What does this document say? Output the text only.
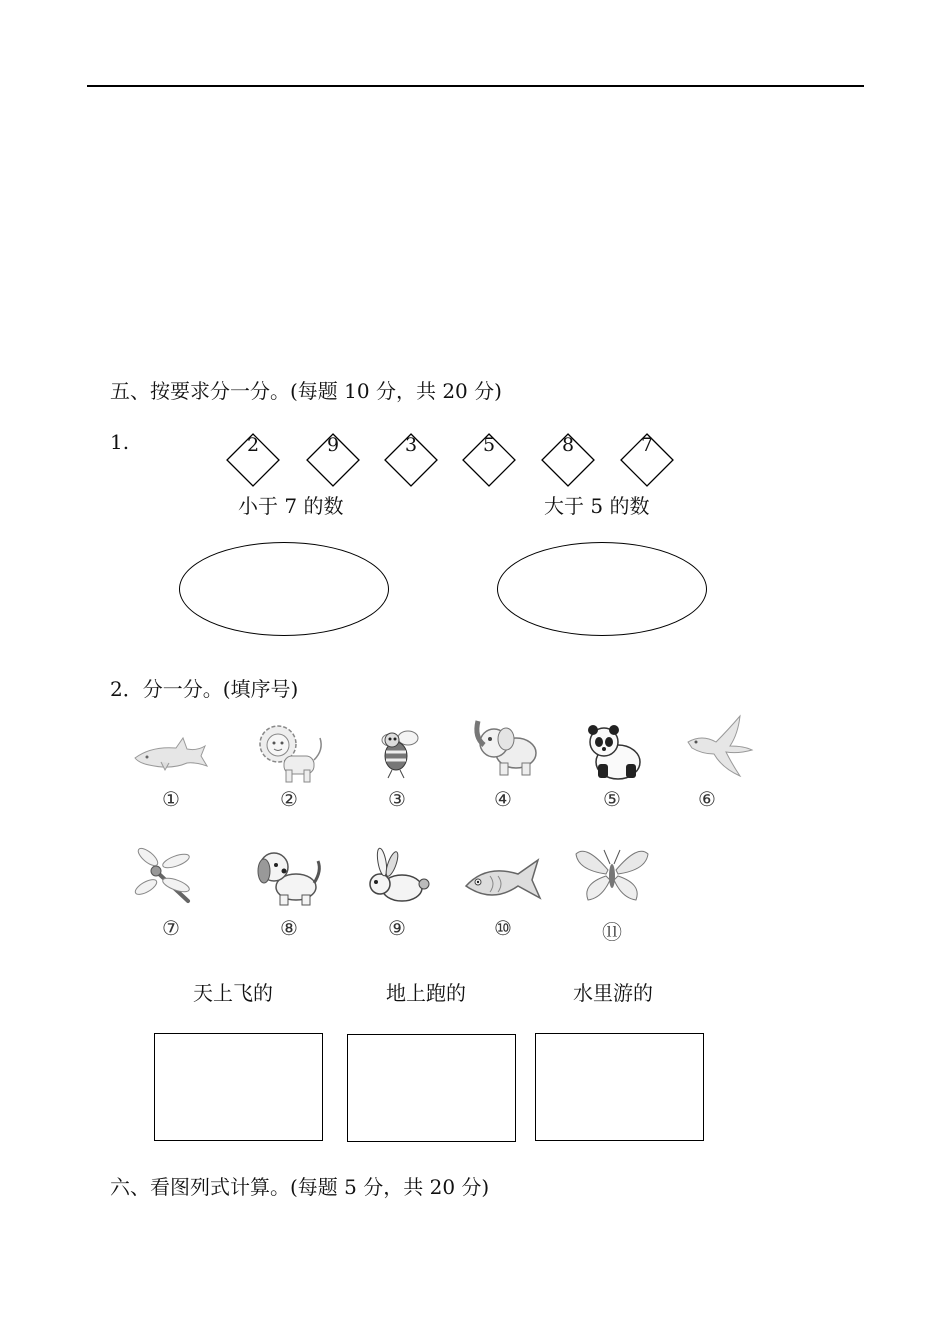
五、按要求分一分。(每题 10 分，共 20 分)
1.	2	9	3	5	8	7
小于 7 的数	大于 5 的数
2．分一分。(填序号)
①	②	③	④	⑤	⑥
⑦	⑧	⑨	⑩	⑪
天上飞的	地上跑的	水里游的
六、看图列式计算。(每题 5 分，共 20 分)
